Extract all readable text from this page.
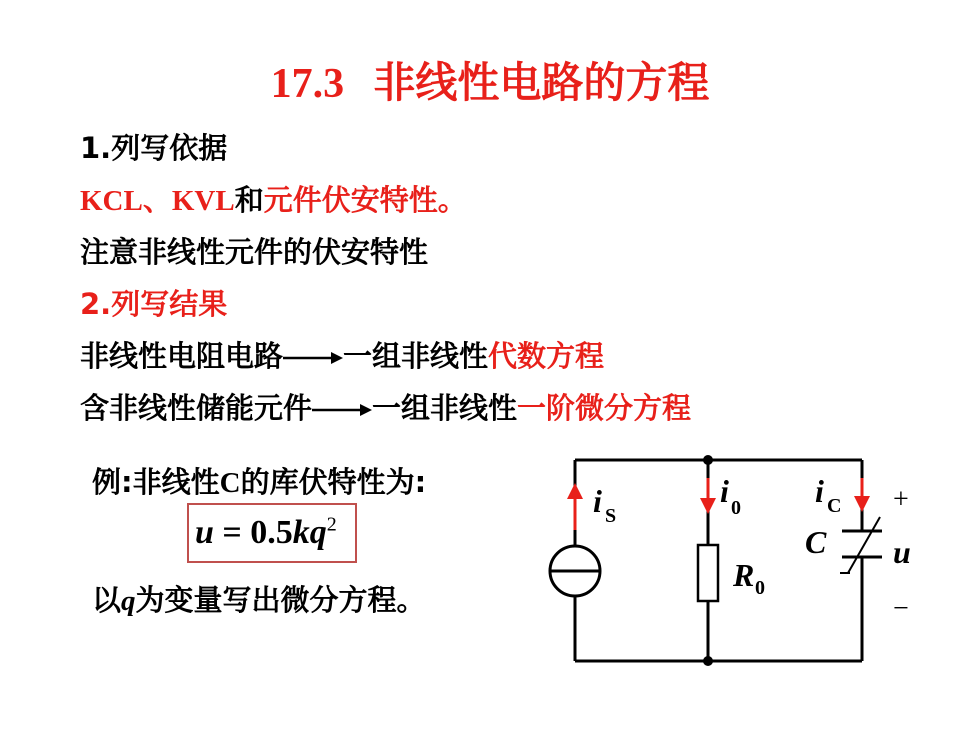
17.3 非线性电路的方程
1.列写依据
KCL、KVL和元件伏安特性。
注意非线性元件的伏安特性
2.列写结果
非线性电阻电路 一组非线性代数方程
含非线性储能元件 一组非线性一阶微分方程
例:非线性C的库伏特性为:
$u = 0.5kq^2$
以q为变量写出微分方程。
i S
i 0 i C
R 0
C
+
u
−
